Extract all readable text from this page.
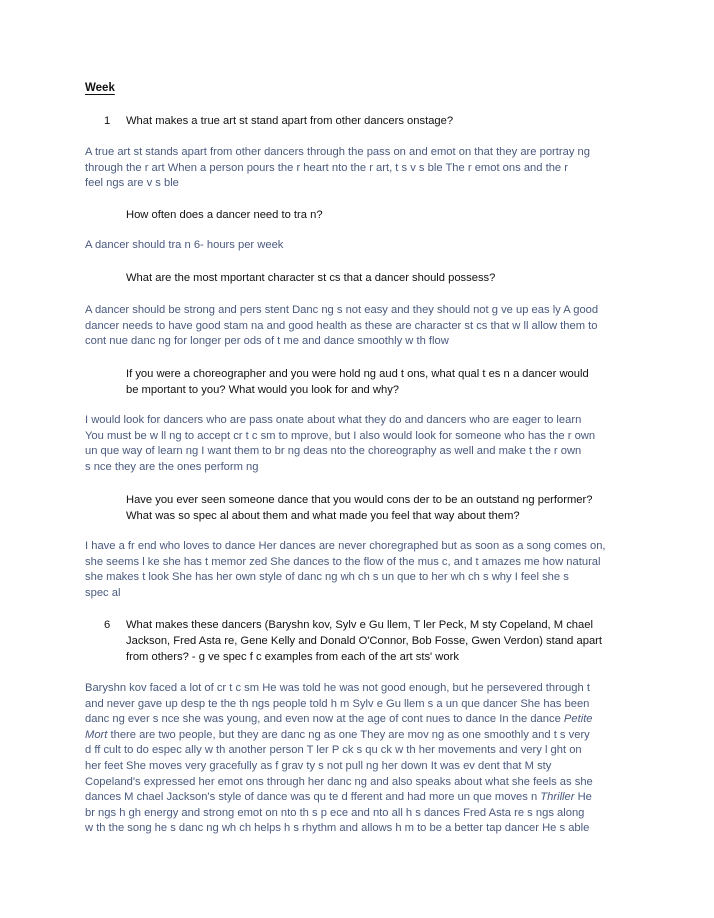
Week
1 What makes a true art st stand apart from other dancers onstage?
A true art st stands apart from other dancers through the pass on and emot on that they are portray ng
through the r art When a person pours the r heart nto the r art, t s v s ble The r emot ons and the r
feel ngs are v s ble
How often does a dancer need to tra n?
A dancer should tra n 6- hours per week
What are the most mportant character st cs that a dancer should possess?
A dancer should be strong and pers stent Danc ng s not easy and they should not g ve up eas ly A good
dancer needs to have good stam na and good health as these are character st cs that w ll allow them to
cont nue danc ng for longer per ods of t me and dance smoothly w th flow
If you were a choreographer and you were hold ng aud t ons, what qual t es n a dancer would
be mportant to you? What would you look for and why?
I would look for dancers who are pass onate about what they do and dancers who are eager to learn
You must be w ll ng to accept cr t c sm to mprove, but I also would look for someone who has the r own
un que way of learn ng I want them to br ng deas nto the choreography as well and make t the r own
s nce they are the ones perform ng
Have you ever seen someone dance that you would cons der to be an outstand ng performer?
What was so spec al about them and what made you feel that way about them?
I have a fr end who loves to dance Her dances are never choregraphed but as soon as a song comes on,
she seems l ke she has t memor zed She dances to the flow of the mus c, and t amazes me how natural
she makes t look She has her own style of danc ng wh ch s un que to her wh ch s why I feel she s
spec al
6 What makes these dancers (Baryshn kov, Sylv e Gu llem, T ler Peck, M sty Copeland, M chael
Jackson, Fred Asta re, Gene Kelly and Donald O'Connor, Bob Fosse, Gwen Verdon) stand apart
from others? - g ve spec f c examples from each of the art sts' work
Baryshn kov faced a lot of cr t c sm He was told he was not good enough, but he persevered through t
and never gave up desp te the th ngs people told h m Sylv e Gu llem s a un que dancer She has been
danc ng ever s nce she was young, and even now at the age of cont nues to dance In the dance Petite
Mort there are two people, but they are danc ng as one They are mov ng as one smoothly and t s very
d ff cult to do espec ally w th another person T ler P ck s qu ck w th her movements and very l ght on
her feet She moves very gracefully as f grav ty s not pull ng her down It was ev dent that M sty
Copeland's expressed her emot ons through her danc ng and also speaks about what she feels as she
dances M chael Jackson's style of dance was qu te d fferent and had more un que moves n Thriller He
br ngs h gh energy and strong emot on nto th s p ece and nto all h s dances Fred Asta re s ngs along
w th the song he s danc ng wh ch helps h s rhythm and allows h m to be a better tap dancer He s able
